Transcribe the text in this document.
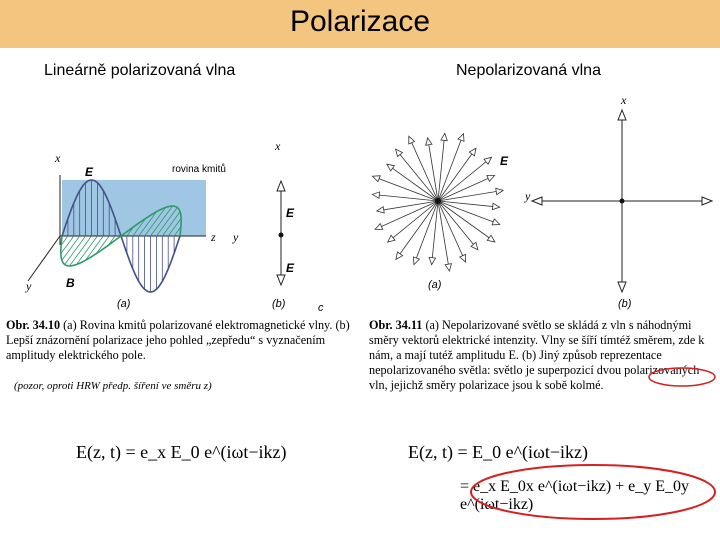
Polarizace
Lineárně polarizovaná vlna	Nepolarizovaná vlna
x
E	rovina kmitů
z
y	B
(a)
x
y
E
E
(b)	c
E
(a)
x
y
(b)
Obr. 34.10 (a) Rovina kmitů polarizované elektromagnetické vlny. (b) Lepší znázornění polarizace jeho pohled „zepředu“ s vyznačením amplitudy elektrického pole.
(pozor, oproti HRW předp. šíření ve směru z)
Obr. 34.11 (a) Nepolarizované světlo se skládá z vln s náhodnými směry vektorů elektrické intenzity. Vlny se šíří tímtéž směrem, zde k nám, a mají tutéž amplitudu E. (b) Jiný způsob reprezentace nepolarizovaného světla: světlo je superpozicí dvou polarizovaných vln, jejichž směry polarizace jsou k sobě kolmé.
E(z, t) = e_x E_0 e^(iωt−ikz)	E(z, t) = E_0 e^(iωt−ikz)
= e_x E_0x e^(iωt−ikz) + e_y E_0y e^(iωt−ikz)
